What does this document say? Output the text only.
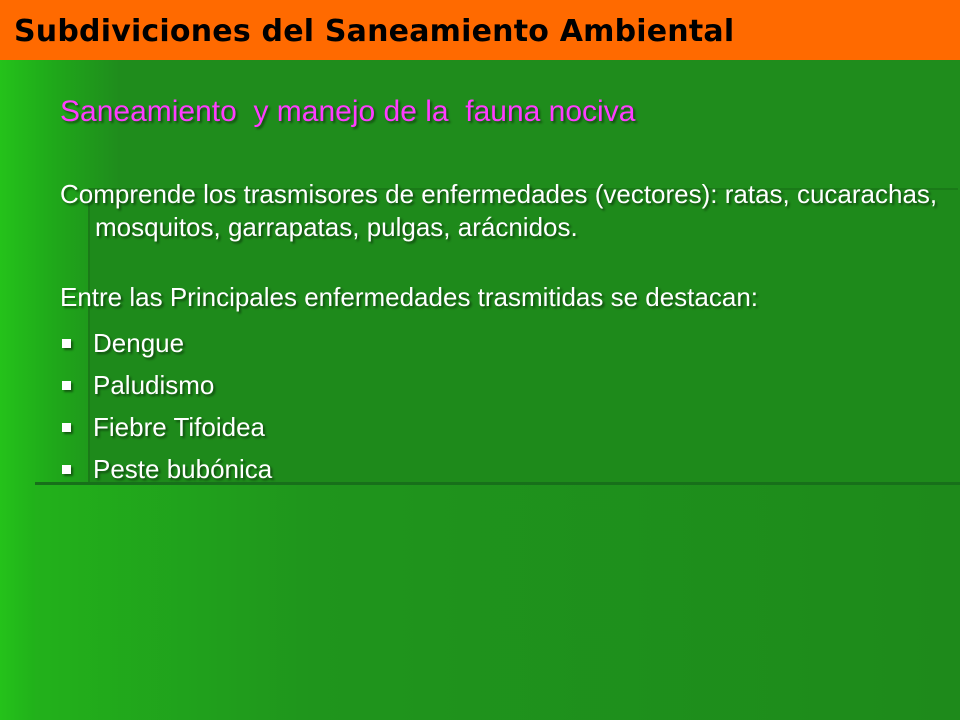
Subdiviciones del Saneamiento Ambiental

Saneamiento  y manejo de la  fauna nociva

Comprende los trasmisores de enfermedades (vectores): ratas, cucarachas, mosquitos, garrapatas, pulgas, arácnidos.

Entre las Principales enfermedades trasmitidas se destacan:

Dengue
Paludismo
Fiebre Tifoidea
Peste bubónica
